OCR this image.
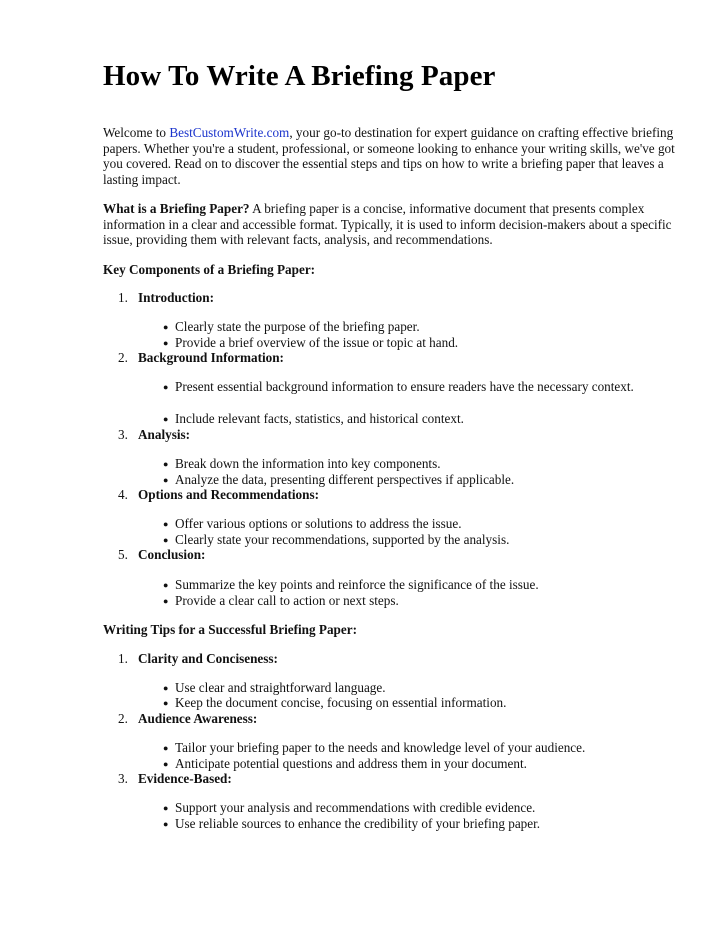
How To Write A Briefing Paper

Welcome to BestCustomWrite.com, your go-to destination for expert guidance on crafting effective briefing papers. Whether you're a student, professional, or someone looking to enhance your writing skills, we've got you covered. Read on to discover the essential steps and tips on how to write a briefing paper that leaves a lasting impact.

What is a Briefing Paper? A briefing paper is a concise, informative document that presents complex information in a clear and accessible format. Typically, it is used to inform decision-makers about a specific issue, providing them with relevant facts, analysis, and recommendations.

Key Components of a Briefing Paper:
1. Introduction:
● Clearly state the purpose of the briefing paper.
● Provide a brief overview of the issue or topic at hand.
2. Background Information:
● Present essential background information to ensure readers have the necessary context.
● Include relevant facts, statistics, and historical context.
3. Analysis:
● Break down the information into key components.
● Analyze the data, presenting different perspectives if applicable.
4. Options and Recommendations:
● Offer various options or solutions to address the issue.
● Clearly state your recommendations, supported by the analysis.
5. Conclusion:
● Summarize the key points and reinforce the significance of the issue.
● Provide a clear call to action or next steps.
Writing Tips for a Successful Briefing Paper:
1. Clarity and Conciseness:
● Use clear and straightforward language.
● Keep the document concise, focusing on essential information.
2. Audience Awareness:
● Tailor your briefing paper to the needs and knowledge level of your audience.
● Anticipate potential questions and address them in your document.
3. Evidence-Based:
● Support your analysis and recommendations with credible evidence.
● Use reliable sources to enhance the credibility of your briefing paper.
